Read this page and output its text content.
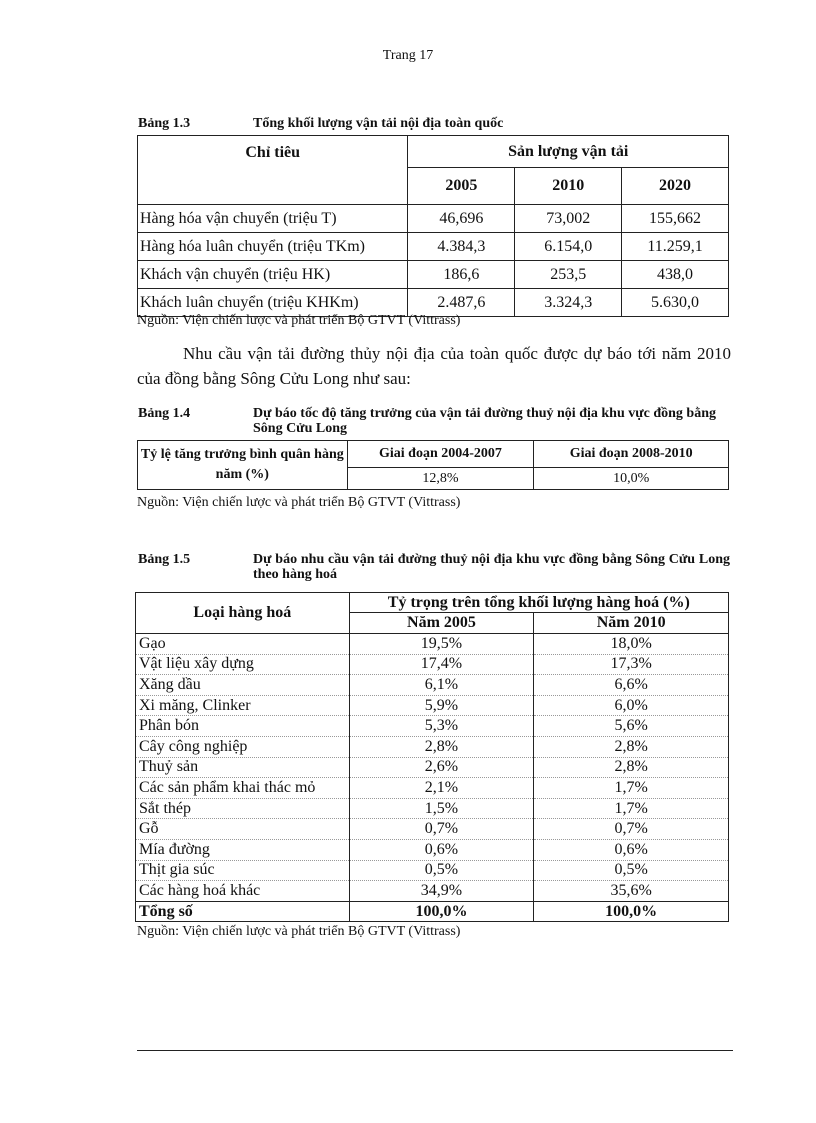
Trang 17
Bảng 1.3	Tổng khối lượng vận tải nội địa toàn quốc
Chỉ tiêu	Sản lượng vận tải		
	2005	2010	2020
Hàng hóa vận chuyển (triệu T)	46,696	73,002	155,662
Hàng hóa luân chuyển (triệu TKm)	4.384,3	6.154,0	11.259,1
Khách vận chuyển (triệu HK)	186,6	253,5	438,0
Khách luân chuyển (triệu KHKm)	2.487,6	3.324,3	5.630,0
Nguồn: Viện chiến lược và phát triển Bộ GTVT (Vittrass)
Nhu cầu vận tải đường thủy nội địa của toàn quốc được dự báo tới năm 2010 của đồng bằng Sông Cửu Long như sau:
Bảng 1.4	Dự báo tốc độ tăng trưởng của vận tải đường thuỷ nội địa khu vực đồng bằng Sông Cửu Long
Tỷ lệ tăng trưởng bình quân hàng năm (%)	Giai đoạn 2004-2007	Giai đoạn 2008-2010
	12,8%	10,0%
Nguồn: Viện chiến lược và phát triển Bộ GTVT (Vittrass)
Bảng 1.5	Dự báo nhu cầu vận tải đường thuỷ nội địa khu vực đồng bằng Sông Cửu Long theo hàng hoá
Loại hàng hoá	Tỷ trọng trên tổng khối lượng hàng hoá (%)	
	Năm 2005	Năm 2010
Gạo	19,5%	18,0%
Vật liệu xây dựng	17,4%	17,3%
Xăng dầu	6,1%	6,6%
Xi măng, Clinker	5,9%	6,0%
Phân bón	5,3%	5,6%
Cây công nghiệp	2,8%	2,8%
Thuỷ sản	2,6%	2,8%
Các sản phẩm khai thác mỏ	2,1%	1,7%
Sắt thép	1,5%	1,7%
Gỗ	0,7%	0,7%
Mía đường	0,6%	0,6%
Thịt gia súc	0,5%	0,5%
Các hàng hoá khác	34,9%	35,6%
Tổng số	100,0%	100,0%
Nguồn: Viện chiến lược và phát triển Bộ GTVT (Vittrass)
